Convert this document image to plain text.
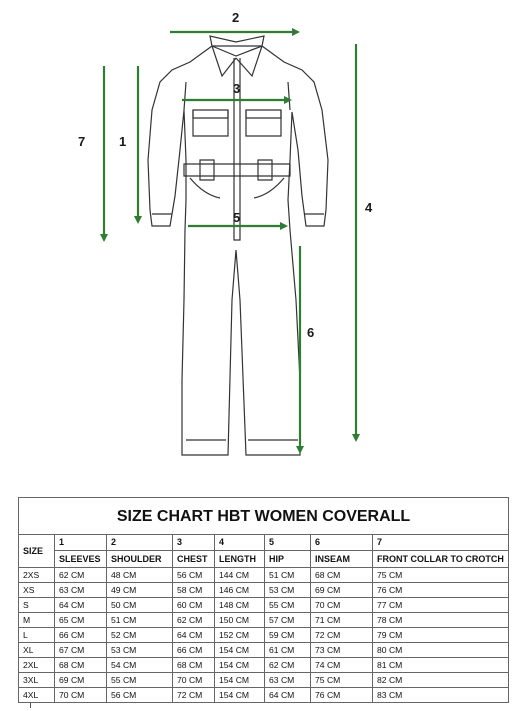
1
2
3
4
5
6
7
SIZE CHART HBT WOMEN COVERALL							
SIZE	1	2	3	4	5	6	7
	SLEEVES	SHOULDER	CHEST	LENGTH	HIP	INSEAM	FRONT COLLAR TO CROTCH
2XS	62 CM	48 CM	56 CM	144 CM	51 CM	68 CM	75 CM
XS	63 CM	49 CM	58 CM	146 CM	53 CM	69 CM	76 CM
S	64 CM	50 CM	60 CM	148 CM	55 CM	70 CM	77 CM
M	65 CM	51 CM	62 CM	150 CM	57 CM	71 CM	78 CM
L	66 CM	52 CM	64 CM	152 CM	59 CM	72 CM	79 CM
XL	67 CM	53 CM	66 CM	154 CM	61 CM	73 CM	80 CM
2XL	68 CM	54 CM	68 CM	154 CM	62 CM	74 CM	81 CM
3XL	69 CM	55 CM	70 CM	154 CM	63 CM	75 CM	82 CM
4XL	70 CM	56 CM	72 CM	154 CM	64 CM	76 CM	83 CM
